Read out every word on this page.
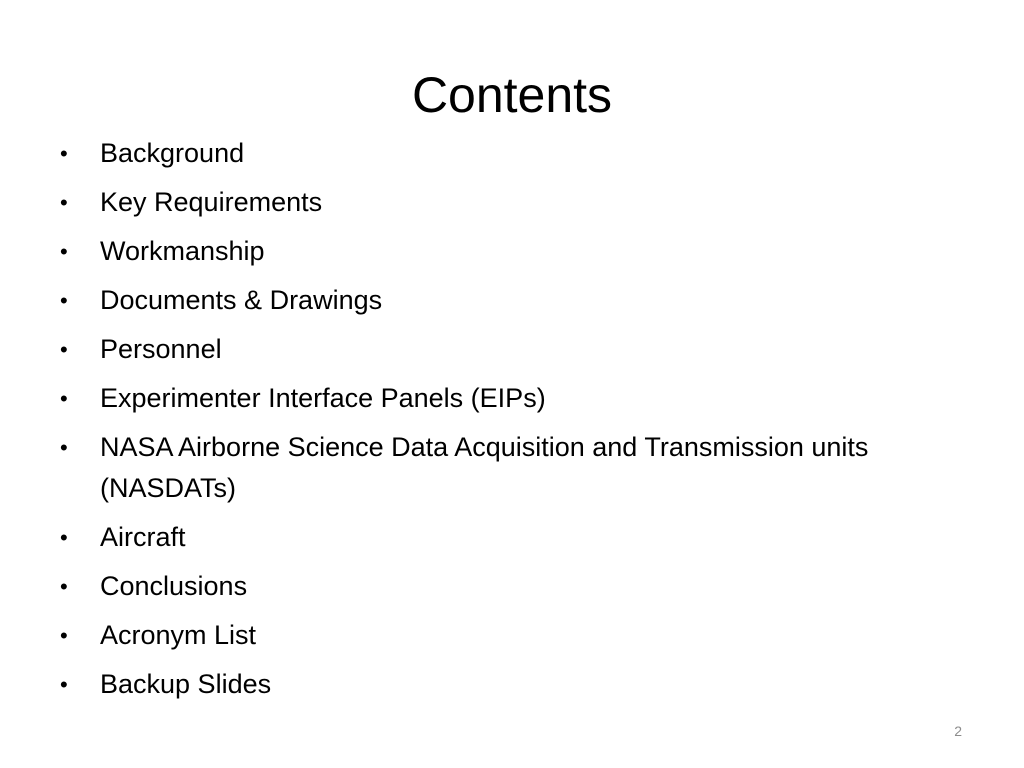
Contents
•	Background
•	Key Requirements
•	Workmanship
•	Documents & Drawings
•	Personnel
•	Experimenter Interface Panels (EIPs)
•	NASA Airborne Science Data Acquisition and Transmission units (NASDATs)
•	Aircraft
•	Conclusions
•	Acronym List
•	Backup Slides
2
